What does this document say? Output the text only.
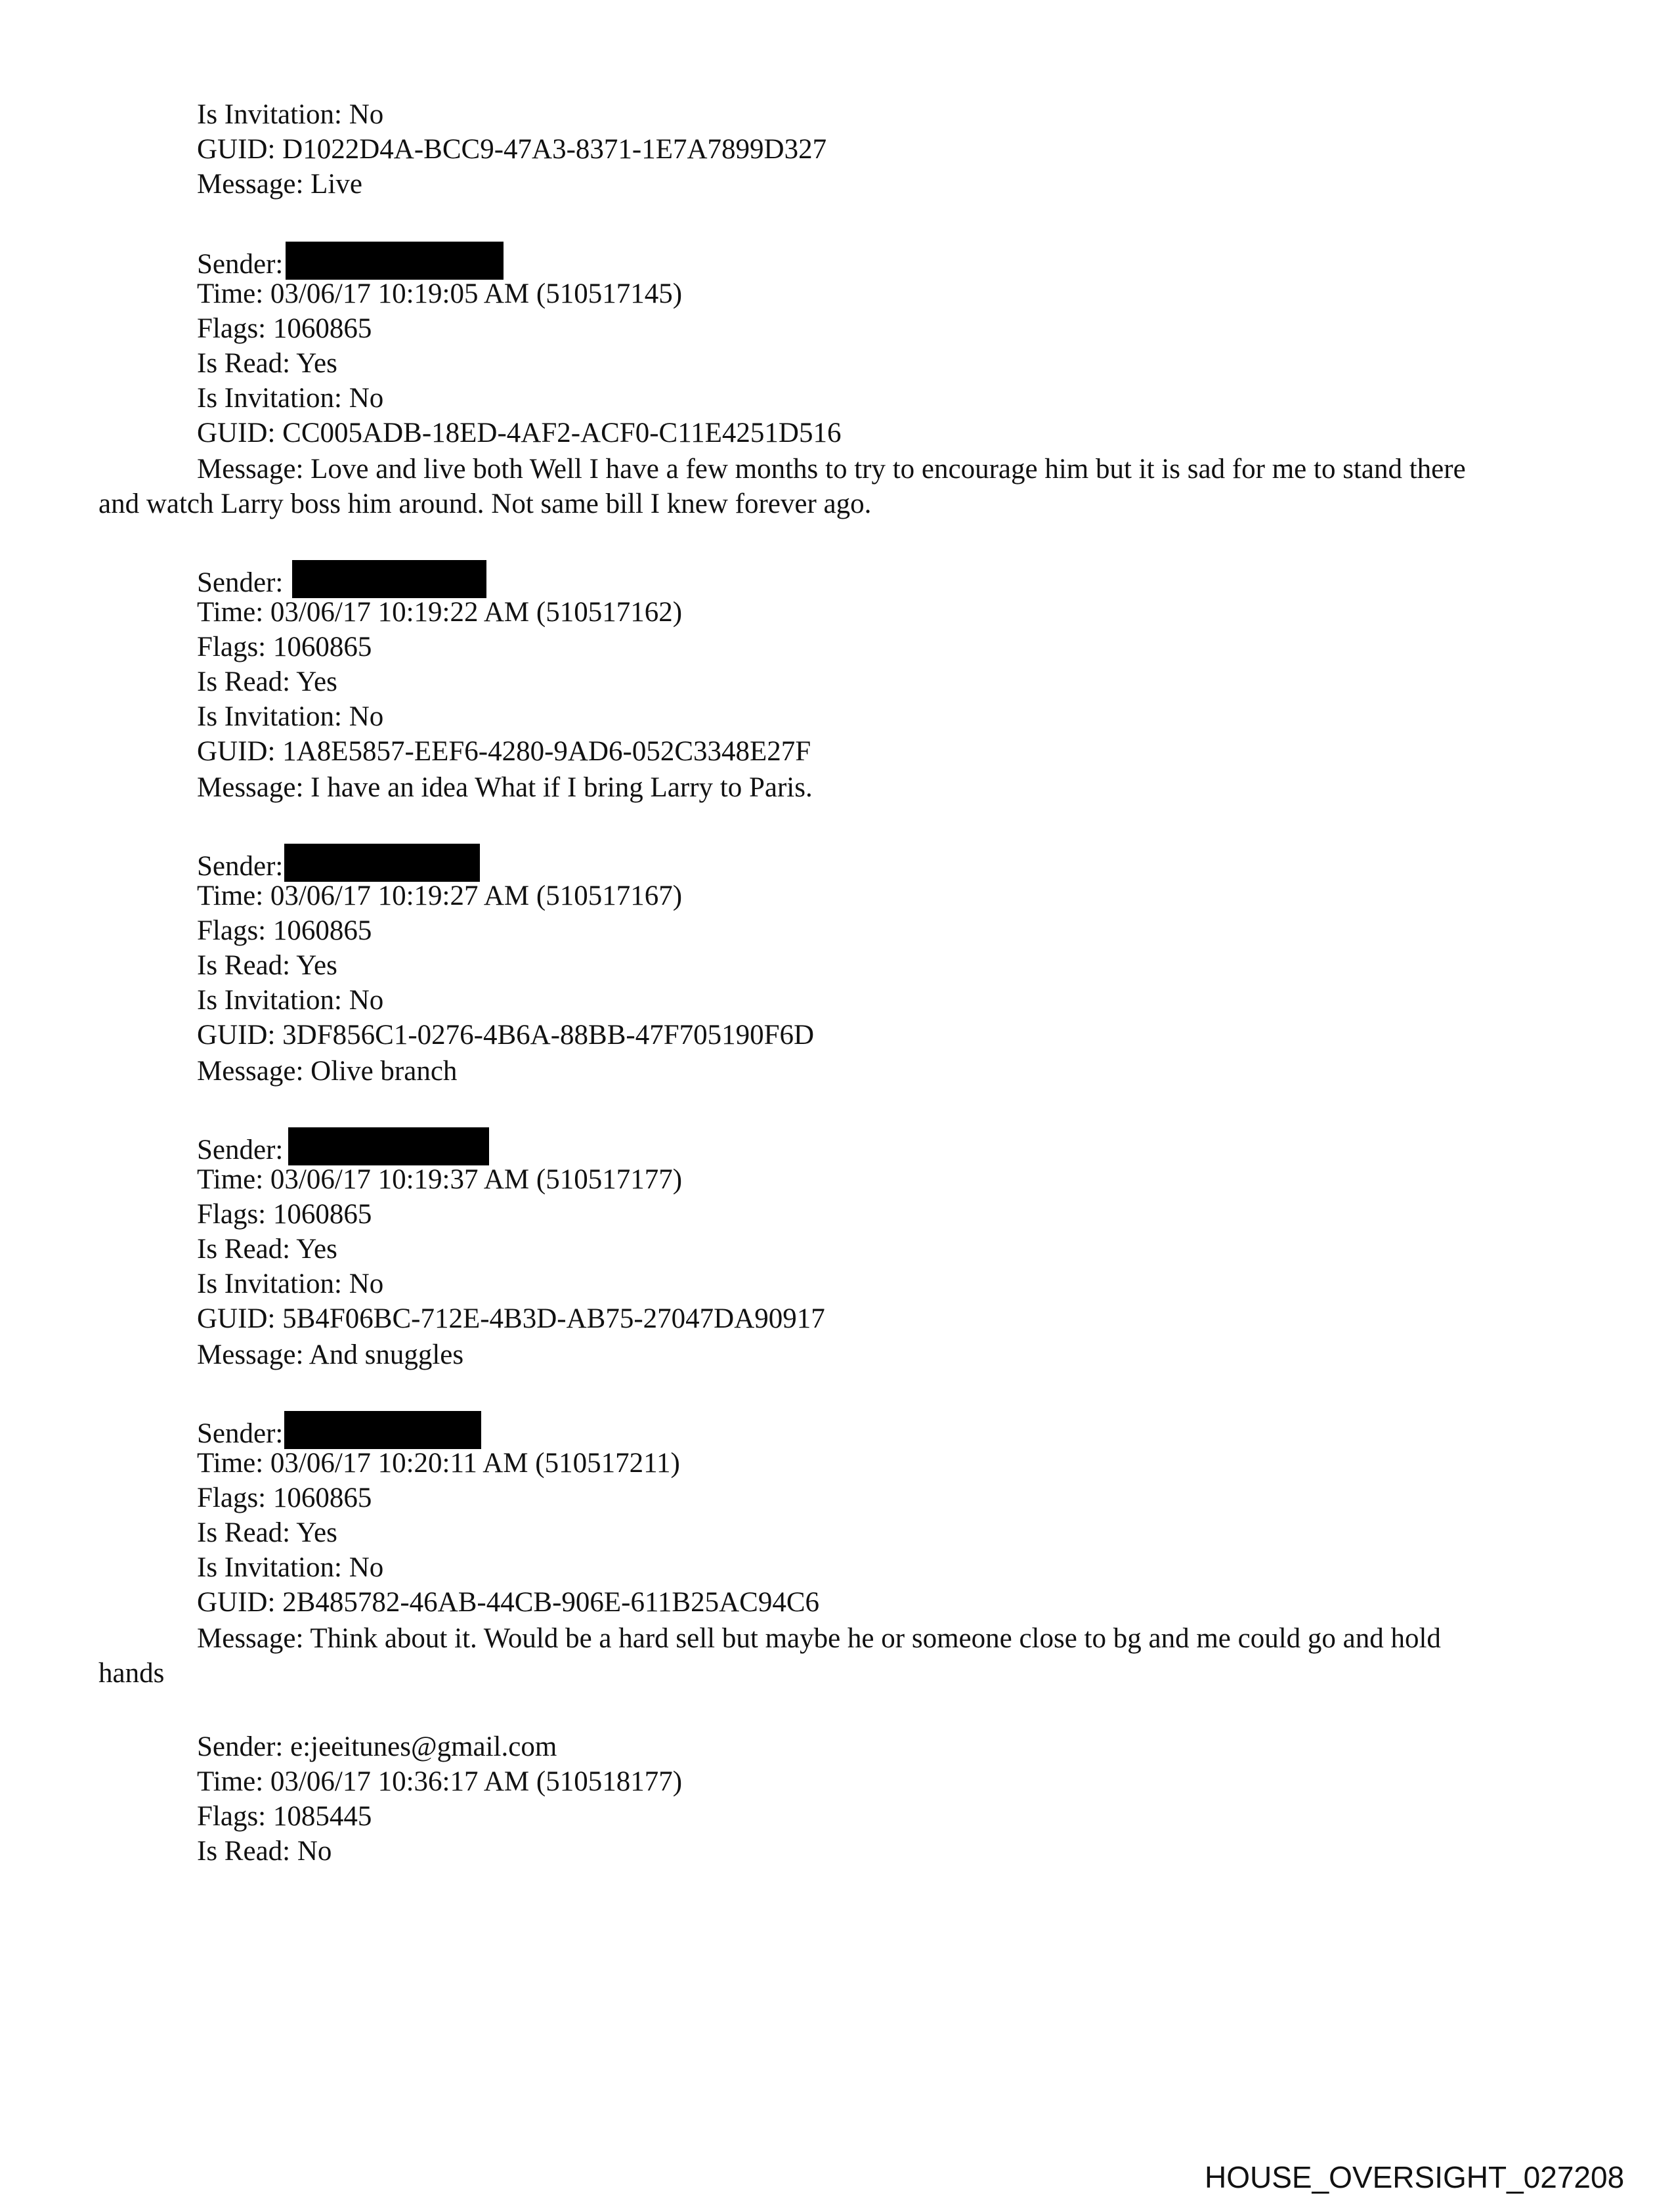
Is Invitation: No
GUID: D1022D4A-BCC9-47A3-8371-1E7A7899D327
Message: Live
Sender:
Time: 03/06/17 10:19:05 AM (510517145)
Flags: 1060865
Is Read: Yes
Is Invitation: No
GUID: CC005ADB-18ED-4AF2-ACF0-C11E4251D516
Message: Love and live both Well I have a few months to try to encourage him but it is sad for me to stand there
and watch Larry boss him around. Not same bill I knew forever ago.
Sender:
Time: 03/06/17 10:19:22 AM (510517162)
Flags: 1060865
Is Read: Yes
Is Invitation: No
GUID: 1A8E5857-EEF6-4280-9AD6-052C3348E27F
Message: I have an idea What if I bring Larry to Paris.
Sender:
Time: 03/06/17 10:19:27 AM (510517167)
Flags: 1060865
Is Read: Yes
Is Invitation: No
GUID: 3DF856C1-0276-4B6A-88BB-47F705190F6D
Message: Olive branch
Sender:
Time: 03/06/17 10:19:37 AM (510517177)
Flags: 1060865
Is Read: Yes
Is Invitation: No
GUID: 5B4F06BC-712E-4B3D-AB75-27047DA90917
Message: And snuggles
Sender:
Time: 03/06/17 10:20:11 AM (510517211)
Flags: 1060865
Is Read: Yes
Is Invitation: No
GUID: 2B485782-46AB-44CB-906E-611B25AC94C6
Message: Think about it. Would be a hard sell but maybe he or someone close to bg and me could go and hold
hands
Sender: e:jeeitunes@gmail.com
Time: 03/06/17 10:36:17 AM (510518177)
Flags: 1085445
Is Read: No
HOUSE_OVERSIGHT_027208
